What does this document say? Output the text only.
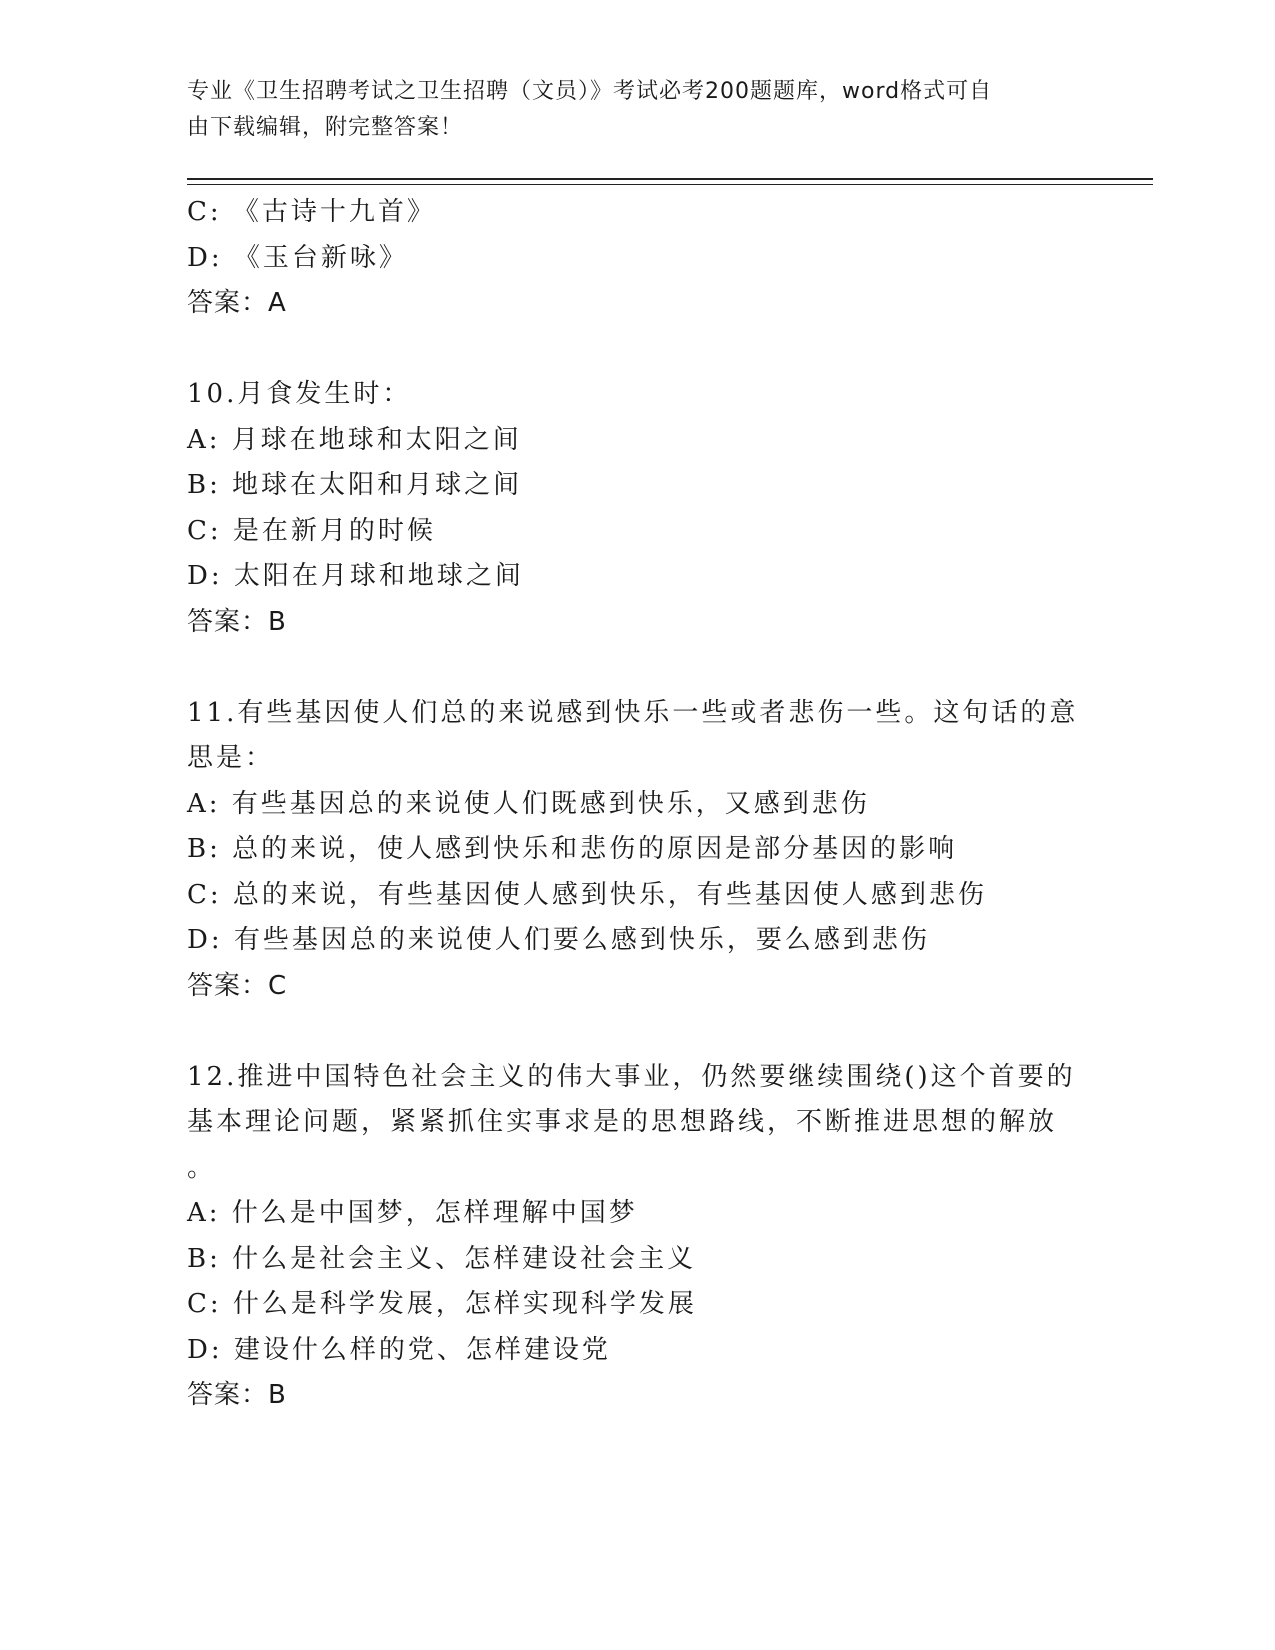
专业《卫生招聘考试之卫生招聘（文员）》考试必考200题题库，word格式可自
由下载编辑，附完整答案！
C: 《古诗十九首》
D: 《玉台新咏》
答案：A
10.月食发生时：
A: 月球在地球和太阳之间
B: 地球在太阳和月球之间
C: 是在新月的时候
D: 太阳在月球和地球之间
答案：B
11.有些基因使人们总的来说感到快乐一些或者悲伤一些。这句话的意
思是：
A: 有些基因总的来说使人们既感到快乐，又感到悲伤
B: 总的来说，使人感到快乐和悲伤的原因是部分基因的影响
C: 总的来说，有些基因使人感到快乐，有些基因使人感到悲伤
D: 有些基因总的来说使人们要么感到快乐，要么感到悲伤
答案：C
12.推进中国特色社会主义的伟大事业，仍然要继续围绕()这个首要的
基本理论问题，紧紧抓住实事求是的思想路线，不断推进思想的解放
。
A: 什么是中国梦，怎样理解中国梦
B: 什么是社会主义、怎样建设社会主义
C: 什么是科学发展，怎样实现科学发展
D: 建设什么样的党、怎样建设党
答案：B
